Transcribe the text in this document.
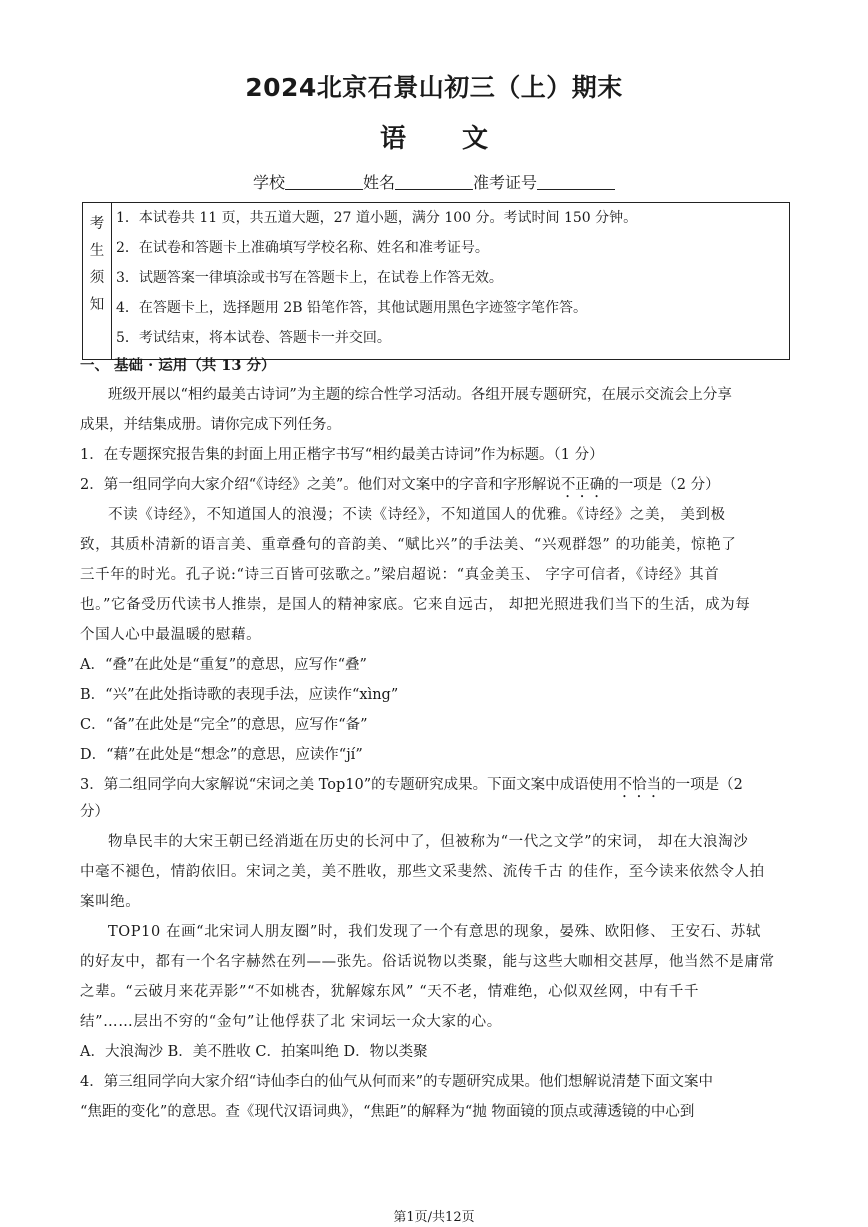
2024北京石景山初三（上）期末
语 文
学校	姓名	准考证号
考
生
须
知

1．本试卷共 11 页，共五道大题，27 道小题，满分 100 分。考试时间 150 分钟。
2．在试卷和答题卡上准确填写学校名称、姓名和准考证号。
3．试题答案一律填涂或书写在答题卡上，在试卷上作答无效。
4．在答题卡上，选择题用 2B 铅笔作答，其他试题用黑色字迹签字笔作答。
5．考试结束，将本试卷、答题卡一并交回。
一、 基础 · 运用（共 13 分）
班级开展以“相约最美古诗词”为主题的综合性学习活动。各组开展专题研究，在展示交流会上分享
成果，并结集成册。请你完成下列任务。
1．在专题探究报告集的封面上用正楷字书写“相约最美古诗词”作为标题。（1 分）
2．第一组同学向大家介绍“《诗经》之美”。他们对文案中的字音和字形解说不正确的一项是（2 分）
不读《诗经》，不知道国人的浪漫；不读《诗经》，不知道国人的优雅。《诗经》之美， 美到极
致，其质朴清新的语言美、重章叠句的音韵美、“赋比兴”的手法美、“兴观群怨” 的功能美，惊艳了
三千年的时光。孔子说:“诗三百皆可弦歌之。”梁启超说：“真金美玉、 字字可信者，《诗经》其首
也。”它备受历代读书人推崇，是国人的精神家底。它来自远古， 却把光照进我们当下的生活，成为每
个国人心中最温暖的慰藉。
A．“叠”在此处是“重复”的意思，应写作“叠”
B．“兴”在此处指诗歌的表现手法，应读作“xìng”
C．“备”在此处是“完全”的意思，应写作“备”
D．“藉”在此处是“想念”的意思，应读作“jí”
3．第二组同学向大家解说“宋词之美 Top10”的专题研究成果。下面文案中成语使用不恰当的一项是（2
分）
物阜民丰的大宋王朝已经消逝在历史的长河中了，但被称为“一代之文学”的宋词， 却在大浪淘沙
中毫不褪色，情韵依旧。宋词之美，美不胜收，那些文采斐然、流传千古 的佳作，至今读来依然令人拍
案叫绝。
TOP10 在画“北宋词人朋友圈”时，我们发现了一个有意思的现象，晏殊、欧阳修、 王安石、苏轼
的好友中，都有一个名字赫然在列——张先。俗话说物以类聚，能与这些大咖相交甚厚，他当然不是庸常
之辈。“云破月来花弄影”“不如桃杏，犹解嫁东风” “天不老，情难绝，心似双丝网，中有千千
结”……层出不穷的“金句”让他俘获了北 宋词坛一众大家的心。
A．大浪淘沙 B．美不胜收 C．拍案叫绝 D．物以类聚
4．第三组同学向大家介绍“诗仙李白的仙气从何而来”的专题研究成果。他们想解说清楚下面文案中
“焦距的变化”的意思。查《现代汉语词典》，“焦距”的解释为“抛 物面镜的顶点或薄透镜的中心到
第1页/共12页
